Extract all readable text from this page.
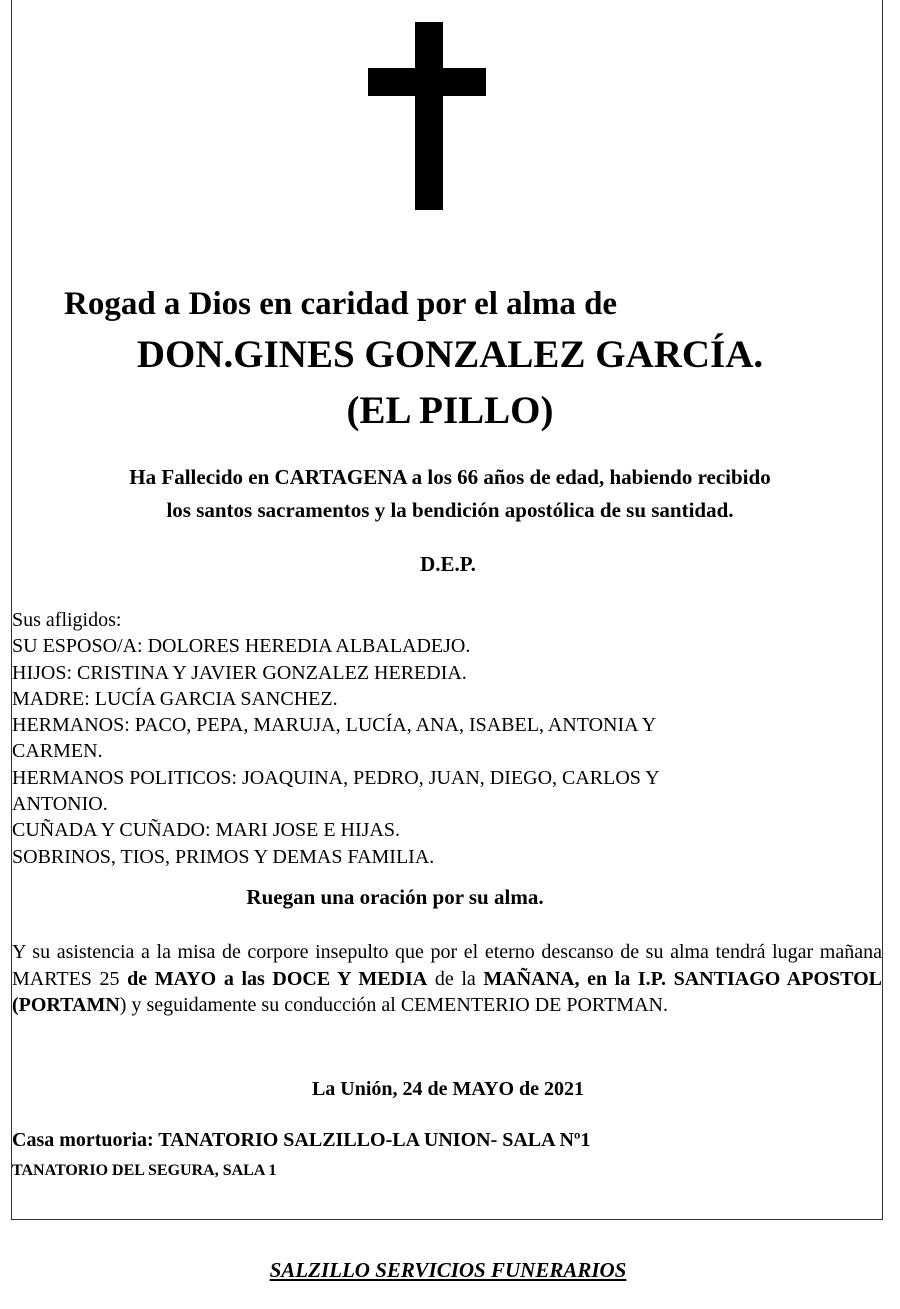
Rogad a Dios en caridad por el alma de
DON.GINES GONZALEZ GARCÍA.
(EL PILLO)
Ha Fallecido en CARTAGENA a los 66 años de edad, habiendo recibido
los santos sacramentos y la bendición apostólica de su santidad.
D.E.P.
Sus afligidos:
SU ESPOSO/A: DOLORES HEREDIA ALBALADEJO.
HIJOS: CRISTINA Y JAVIER GONZALEZ HEREDIA.
MADRE: LUCÍA GARCIA SANCHEZ.
HERMANOS: PACO, PEPA, MARUJA, LUCÍA, ANA, ISABEL, ANTONIA Y
CARMEN.
HERMANOS POLITICOS: JOAQUINA, PEDRO, JUAN, DIEGO, CARLOS Y
ANTONIO.
CUÑADA Y CUÑADO: MARI JOSE E HIJAS.
SOBRINOS, TIOS, PRIMOS Y DEMAS FAMILIA.
Ruegan una oración por su alma.
Y su asistencia a la misa de corpore insepulto que por el eterno descanso de su alma tendrá lugar mañana MARTES 25 de MAYO a las DOCE Y MEDIA de la MAÑANA, en la I.P. SANTIAGO APOSTOL (PORTAMN) y seguidamente su conducción al CEMENTERIO DE PORTMAN.
La Unión, 24 de MAYO de 2021
Casa mortuoria: TANATORIO SALZILLO-LA UNION- SALA Nº1
TANATORIO DEL SEGURA, SALA 1
SALZILLO SERVICIOS FUNERARIOS
